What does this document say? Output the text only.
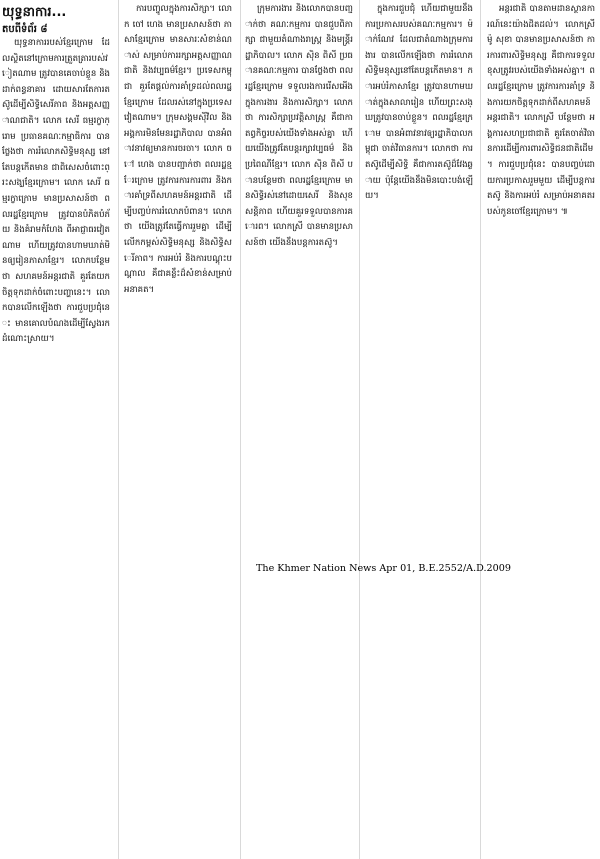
យុទ្ធនាការ...
តបពីទំព័រ ៨

យុទ្ធនាការរបស់ខ្មែរក្រោម ដែលស្ថិតនៅក្រោមការត្រួតត្រារបស់វៀតណាម ត្រូវបានគេចាប់ខ្លួន និងដាក់ពន្ធនាគារ ដោយសារតែការតស៊ូដើម្បីសិទ្ធិសេរីភាព និងអត្តសញ្ញាណជាតិ។ លោក សេរី ធម្មរក្ខាក្រោម ប្រធានគណៈកម្មាធិការ បានថ្លែងថា ការរំលោភសិទ្ធិមនុស្ស នៅតែបន្តកើតមាន ជាពិសេសចំពោះព្រះសង្ឃខ្មែរក្រោម។ លោក សេរី ធម្មរក្ខាក្រោម មានប្រសាសន៍ថា ពលរដ្ឋខ្មែរក្រោម ត្រូវបានបំភិតបំភ័យ និងគំរាមកំហែង ពីអាជ្ញាធរវៀតណាម ហើយត្រូវបានហាមឃាត់មិនឲ្យរៀនភាសាខ្មែរ។ លោកបន្ថែមថា សហគមន៍អន្តរជាតិ គួរតែយកចិត្តទុកដាក់ចំពោះបញ្ហានេះ។ លោកបានលើកឡើងថា ការជួបប្រជុំនេះ មានគោលបំណងដើម្បីស្វែងរកដំណោះស្រាយ។

ការបញ្ចូលក្នុងការសិក្សា។ លោក ចៅ ហេង មានប្រសាសន៍ថា ភាសាខ្មែរក្រោម មានសារៈសំខាន់ណាស់ សម្រាប់ការរក្សាអត្តសញ្ញាណជាតិ និងវប្បធម៌ខ្មែរ។ ប្រទេសកម្ពុជា គួរតែផ្តល់ការគាំទ្រដល់ពលរដ្ឋខ្មែរក្រោម ដែលរស់នៅក្នុងប្រទេសវៀតណាម។ ក្រុមសង្គមស៊ីវិល និងអង្គការមិនមែនរដ្ឋាភិបាល បានអំពាវនាវឲ្យមានការចរចា។ លោក ចៅ ហេង បានបញ្ជាក់ថា ពលរដ្ឋខ្មែរក្រោម ត្រូវការការការពារ និងការគាំទ្រពីសហគមន៍អន្តរជាតិ ដើម្បីបញ្ចប់ការរំលោភបំពាន។ លោកថា យើងត្រូវតែធ្វើការរួមគ្នា ដើម្បីលើកកម្ពស់សិទ្ធិមនុស្ស និងសិទ្ធិសេរីភាព។ ការអប់រំ និងការបណ្តុះបណ្តាល គឺជាគន្លឹះដ៏សំខាន់សម្រាប់អនាគត។

ក្រុមការងារ និងលោកបានបញ្ជាក់ថា គណៈកម្មការ បានជួបពិភាក្សា ជាមួយតំណាងរាស្ត្រ និងមន្ត្រីរដ្ឋាភិបាល។ លោក ស៊ិន ពិសី ប្រធានគណៈកម្មការ បានថ្លែងថា ពលរដ្ឋខ្មែរក្រោម ទទួលរងការរើសអើងក្នុងការងារ និងការសិក្សា។ លោកថា ការសិក្សាប្រវត្តិសាស្ត្រ គឺជាកាតព្វកិច្ចរបស់យើងទាំងអស់គ្នា ហើយយើងត្រូវតែបន្តរក្សាវប្បធម៌ និងប្រពៃណីខ្មែរ។ លោក ស៊ិន ពិសី បានបន្ថែមថា ពលរដ្ឋខ្មែរក្រោម មានសិទ្ធិរស់នៅដោយសេរី និងសុខសន្តិភាព ហើយគួរទទួលបានការគោរព។ លោកស្រី បានមានប្រសាសន៍ថា យើងនឹងបន្តការតស៊ូ។

ក្នុងការជួបជុំ ហើយជាមួយនឹងការប្រកាសរបស់គណៈកម្មការ។ ម៉ាក់ណែវ ដែលជាតំណាងក្រុមការងារ បានលើកឡើងថា ការរំលោភសិទ្ធិមនុស្សនៅតែបន្តកើតមាន។ ការអប់រំភាសាខ្មែរ ត្រូវបានហាមឃាត់ក្នុងសាលារៀន ហើយព្រះសង្ឃត្រូវបានចាប់ខ្លួន។ ពលរដ្ឋខ្មែរក្រោម បានអំពាវនាវឲ្យរដ្ឋាភិបាលកម្ពុជា ចាត់វិធានការ។ លោកថា ការតស៊ូដើម្បីសិទ្ធិ គឺជាការតស៊ូដ៏វែងឆ្ងាយ ប៉ុន្តែយើងនឹងមិនបោះបង់ឡើយ។

អន្តរជាតិ បានតាមដានស្ថានការណ៍នេះយ៉ាងដិតដល់។ លោកស្រី ម៉ូ សុខា បានមានប្រសាសន៍ថា ការការពារសិទ្ធិមនុស្ស គឺជាការទទួលខុសត្រូវរបស់យើងទាំងអស់គ្នា។ ពលរដ្ឋខ្មែរក្រោម ត្រូវការការគាំទ្រ និងការយកចិត្តទុកដាក់ពីសហគមន៍អន្តរជាតិ។ លោកស្រី បន្ថែមថា អង្គការសហប្រជាជាតិ គួរតែចាត់វិធានការដើម្បីការពារសិទ្ធិជនជាតិដើម។ ការជួបប្រជុំនេះ បានបញ្ចប់ដោយការប្រកាសរួមមួយ ដើម្បីបន្តការតស៊ូ និងការអប់រំ សម្រាប់អនាគតរបស់កូនចៅខ្មែរក្រោម។ ៕

The Khmer Nation News Apr 01, B.E.2552/A.D.2009
